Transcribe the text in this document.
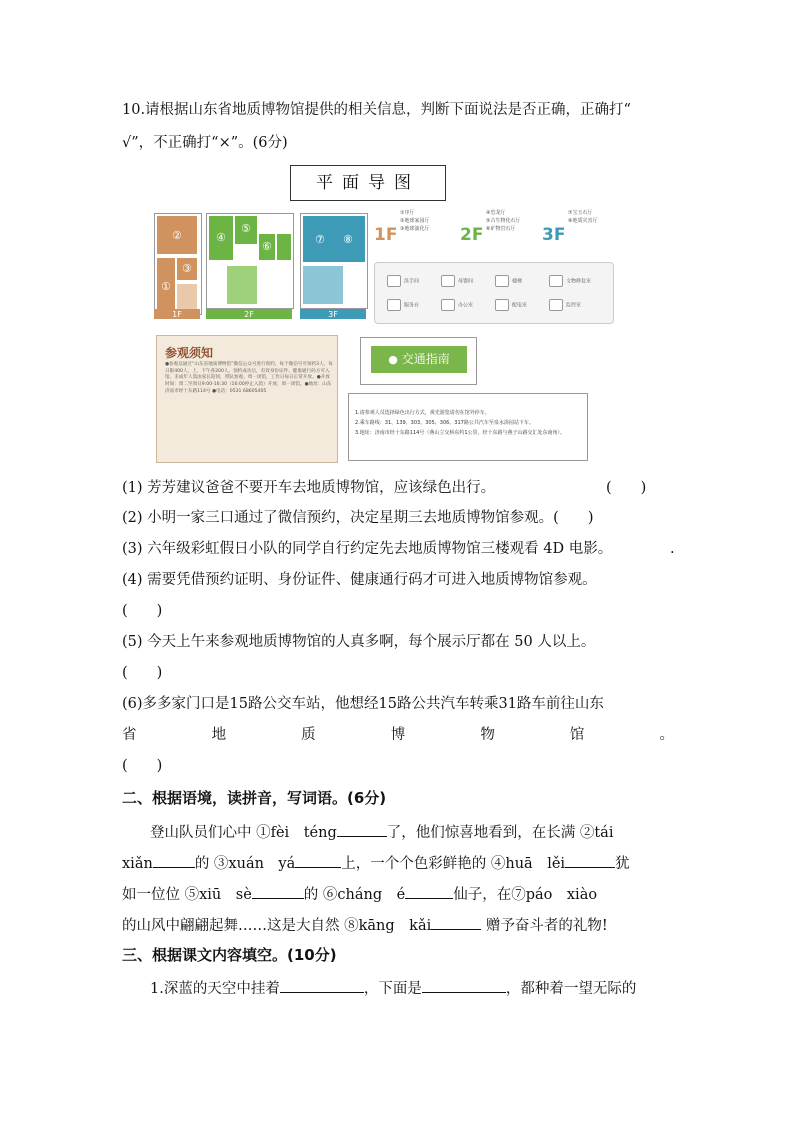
10.请根据山东省地质博物馆提供的相关信息，判断下面说法是否正确，正确打“
√”，不正确打“×”。(6分)
平面导图
②
①
③
1F
④
⑤
⑥
2F
⑦ ⑧
3F
1F
①序厅
②地球家园厅
③地球演化厅 2F
④恐龙厅
⑤古生物化石厅
⑥矿物岩石厅 3F
⑦宝玉石厅
⑧地质灾害厅
洗手间	母婴间	楼梯	文物修复室
服务台	办公室	配电室	监控室
参观须知
●参观以通过“山东省地质博物馆”微信公众号进行预约，每个微信号可预约3人，每日限400人，上、下午各200人。预约成功后，有效身份证件、健康通行码方可入馆。未成年人需由家长陪同，带队参观。周一闭馆，工作日每日正常开放。●开放时间：周二至周日9:00-16:30（16:00停止入馆）开放，周一闭馆。●地址：山东济南市经十东路114号 ●电话：0531 68605405
● 交通指南
1.请参观人员选择绿色出行方式，观光游览请勿在馆外停车。
2.乘车路线：31、139、303、305、306、317路公共汽车至泉水浴园站下车。
3.地址：济南市经十东路114号（燕山立交桥东约1公里，经十东路与燕子山路交汇处东南角）。
(1) 芳芳建议爸爸不要开车去地质博物馆，应该绿色出行。	(　　)
(2) 小明一家三口通过了微信预约，决定星期三去地质博物馆参观。(　　)
(3) 六年级彩虹假日小队的同学自行约定先去地质博物馆三楼观看 4D 电影。	.
(4) 需要凭借预约证明、身份证件、健康通行码才可进入地质博物馆参观。
(　　)
(5) 今天上午来参观地质博物馆的人真多啊，每个展示厅都在 50 人以上。
(　　)
(6)多多家门口是15路公交车站，他想经15路公共汽车转乘31路车前往山东
省	地	质	博	物	馆	。
(　　)
二、根据语境，读拼音，写词语。(6分)
登山队员们心中 ①fèi　téng	了，他们惊喜地看到，在长满 ②tái
xiǎn	的 ③xuán　yá	上，一个个色彩鲜艳的 ④huā　lěi	犹
如一位位 ⑤xiū　sè	的 ⑥cháng　é	仙子，在⑦páo　xiào
的山风中翩翩起舞……这是大自然 ⑧kāng　kǎi	赠予奋斗者的礼物!
三、根据课文内容填空。(10分)
1.深蓝的天空中挂着	，下面是	，都种着一望无际的
